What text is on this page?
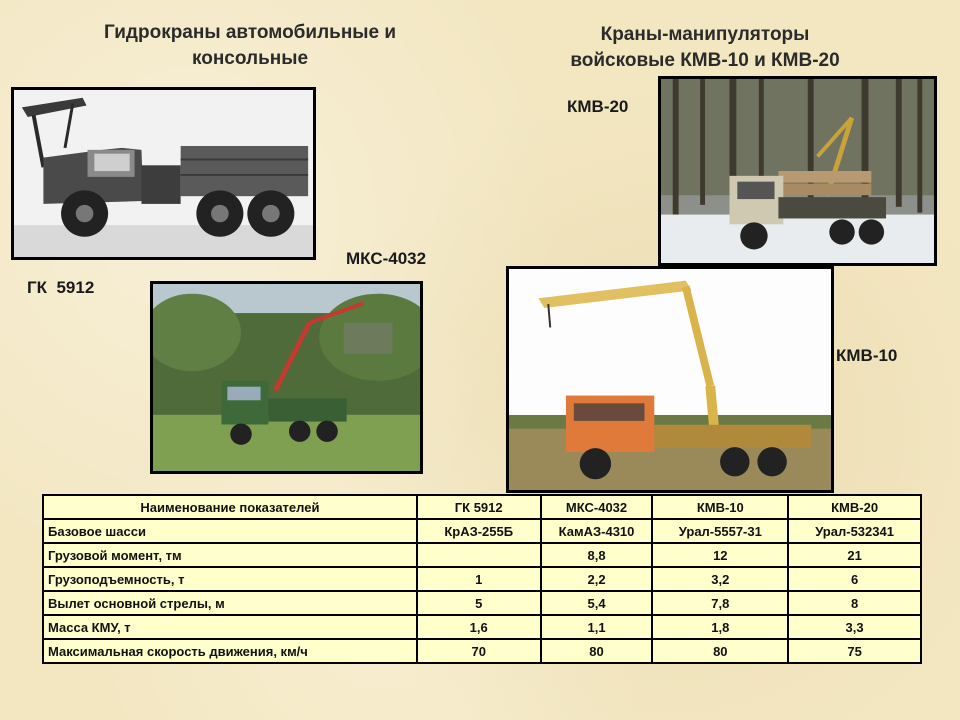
Гидрокраны автомобильные и
консольные
Краны-манипуляторы
войсковые КМВ-10 и КМВ-20
КМВ-20
МКС-4032
ГК  5912
КМВ-10
Наименование показателей	ГК 5912	МКС-4032	КМВ-10	КМВ-20
Базовое шасси	КрАЗ-255Б	КамАЗ-4310	Урал-5557-31	Урал-532341
Грузовой момент, тм		8,8	12	21
Грузоподъемность, т	1	2,2	3,2	6
Вылет основной стрелы, м	5	5,4	7,8	8
Масса КМУ, т	1,6	1,1	1,8	3,3
Максимальная скорость движения, км/ч	70	80	80	75
